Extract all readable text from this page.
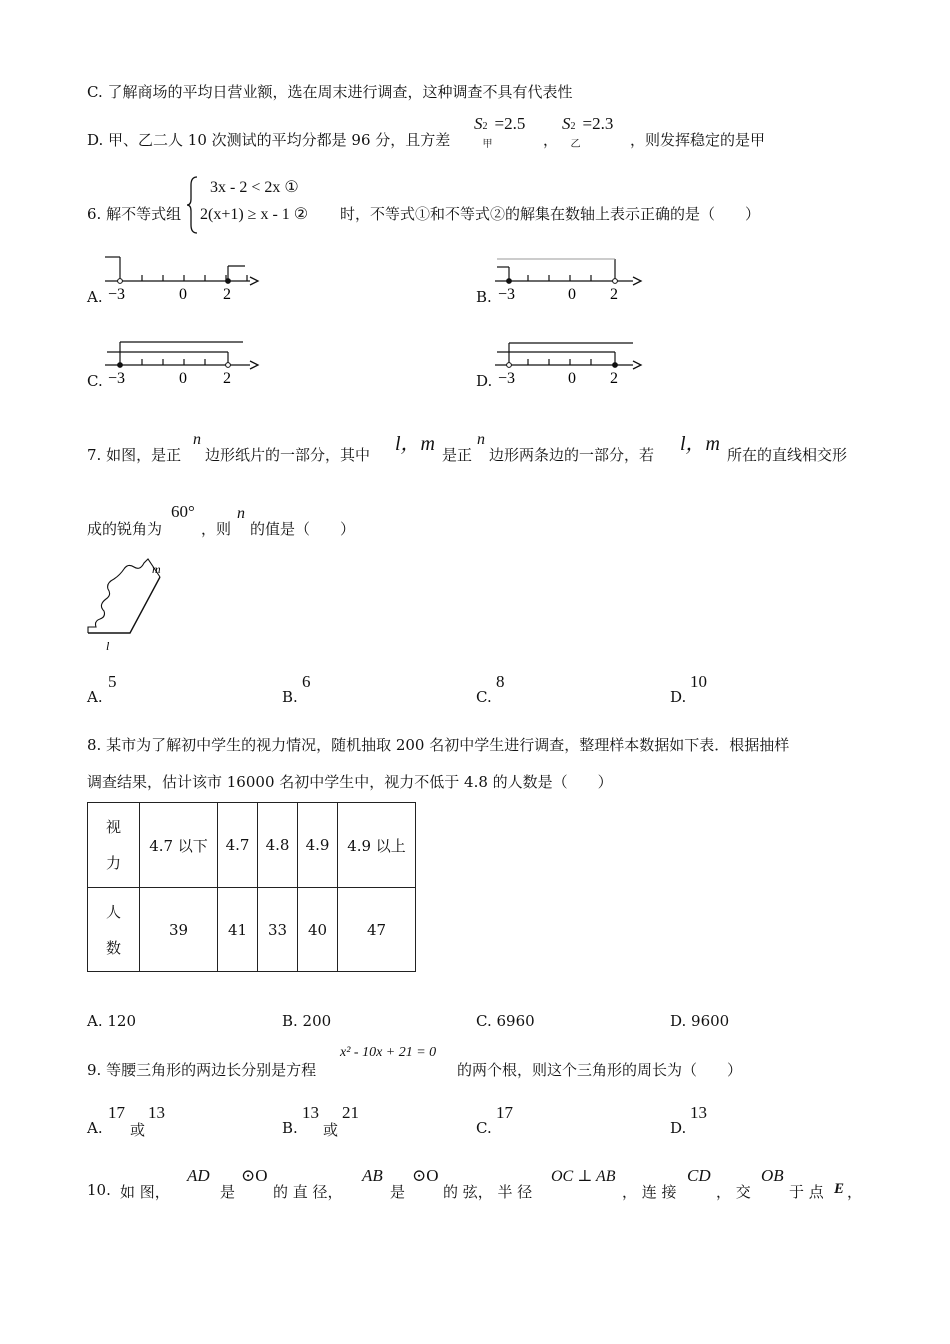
C. 了解商场的平均日营业额，选在周末进行调查，这种调查不具有代表性
D. 甲、乙二人 10 次测试的平均分都是 96 分，且方差
S 2
甲
=2.5
，
S 2
乙
=2.3
，则发挥稳定的是甲
6. 解不等式组
3x - 2 < 2x ①
2(x+1) ≥ x - 1 ② 时，不等式①和不等式②的解集在数轴上表示正确的是（　　）
A. −3	0 2	B. −3	0 2
C. −3	0 2	D. −3	0 2
7. 如图，是正
n
边形纸片的一部分，其中 l，m 是正
n
边形两条边的一部分，若 l，m 所在的直线相交形
成的锐角为
60°
，则
n
的值是（　　）
m
l
A.
5
B.
6
C.
8
D.
10
8. 某市为了解初中学生的视力情况，随机抽取 200 名初中学生进行调查，整理样本数据如下表．根据抽样
调查结果，估计该市 16000 名初中学生中，视力不低于 4.8 的人数是（　　）
视
力	4.7 以下	4.7	4.8	4.9	4.9 以上
人
数	39	41	33	40	47
A. 120	B. 200	C. 6960	D. 9600
9. 等腰三角形的两边长分别是方程
x² - 10x + 21 = 0
的两个根，则这个三角形的周长为（　　）
A.
17
或
13
B.
13
或
21
C.
17
D.
13
10. 如 图，
AD
是
⊙O
的 直 径，
AB
是
⊙O
的 弦， 半 径
OC ⊥ AB
， 连 接
CD
， 交
OB
于 点 E ，
